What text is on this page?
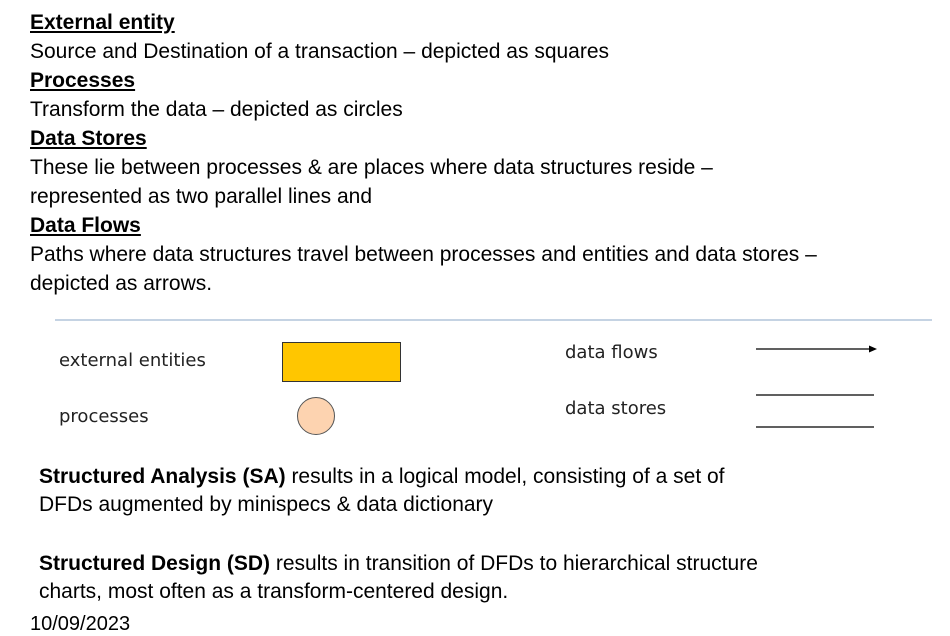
External entity

Source and Destination of a transaction – depicted as squares

Processes

Transform the data – depicted as circles

Data Stores

These lie between processes & are places where data structures reside –

represented as two parallel lines and

Data Flows

Paths where data structures travel between processes and entities and data stores –

depicted as arrows.

external entities
processes
data flows
data stores

Structured Analysis (SA) results in a logical model, consisting of a set of

DFDs augmented by minispecs & data dictionary

Structured Design (SD) results in transition of DFDs to hierarchical structure

charts, most often as a transform-centered design.

10/09/2023
